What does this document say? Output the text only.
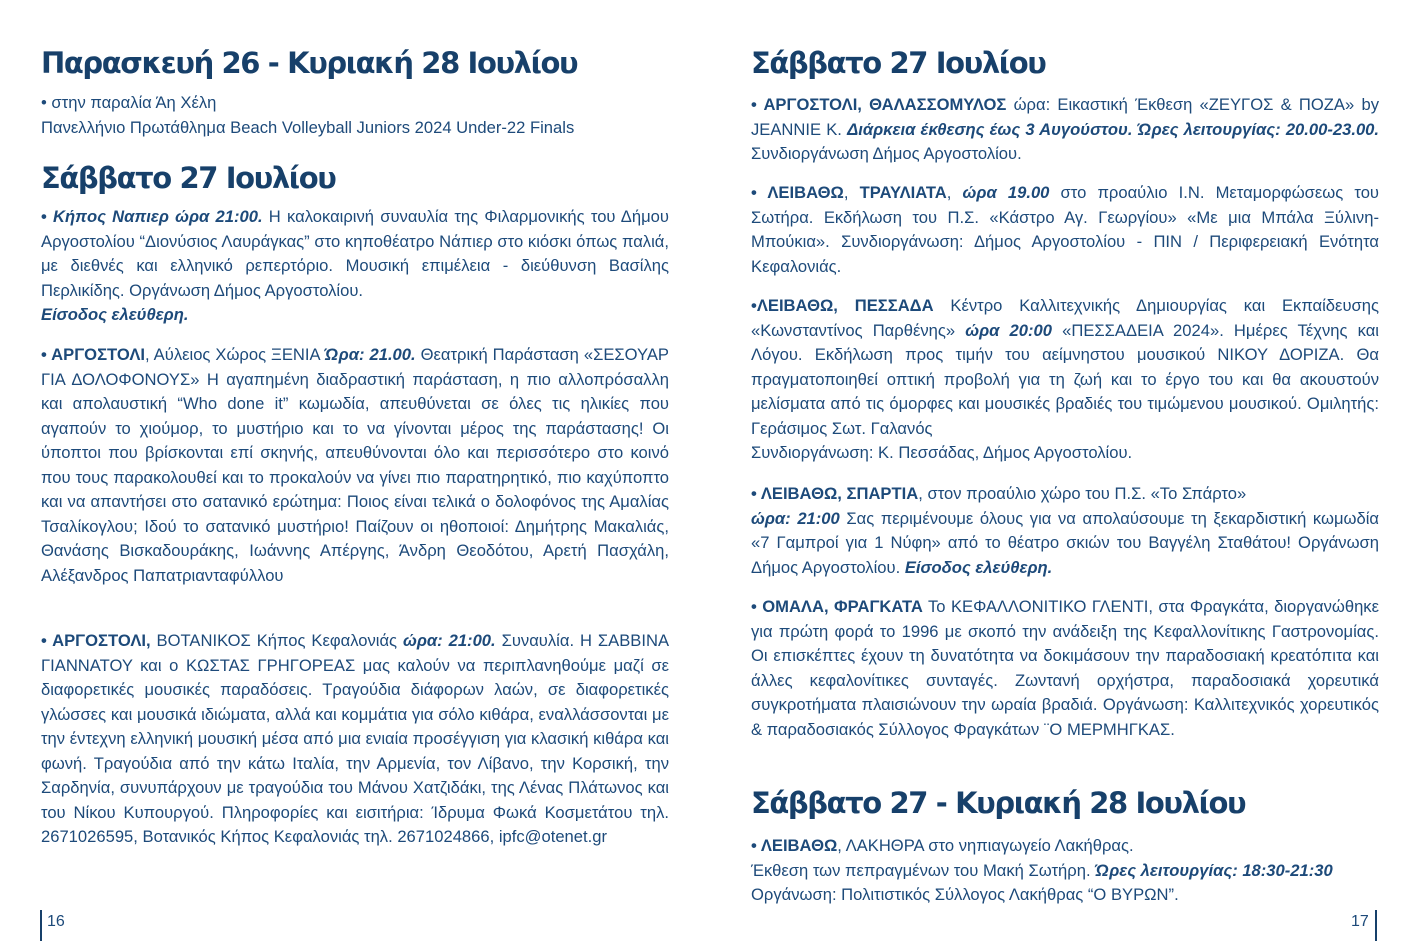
Παρασκευή 26 - Κυριακή 28 Ιουλίου

• στην παραλία Άη Χέλη

Πανελλήνιο Πρωτάθλημα Beach Volleyball Juniors 2024 Under-22 Finals

Σάββατο 27 Ιουλίου

• Κήπος Ναπιερ ώρα 21:00. Η καλοκαιρινή συναυλία της Φιλαρμονικής του Δήμου Αργοστολίου “Διονύσιος Λαυράγκας” στο κηποθέατρο Νάπιερ στο κιόσκι όπως παλιά, με διεθνές και ελληνικό ρεπερτόριο. Μουσική επιμέλεια - διεύθυνση Βασίλης Περλικίδης. Οργάνωση Δήμος Αργοστολίου.

Είσοδος ελεύθερη.

• ΑΡΓΟΣΤΟΛΙ, Αύλειος Χώρος ΞΕΝΙΑ Ώρα: 21.00. Θεατρική Παράσταση «ΣΕΣΟΥΑΡ ΓΙΑ ΔΟΛΟΦΟΝΟΥΣ» Η αγαπημένη διαδραστική παράσταση, η πιο αλλοπρόσαλλη και απολαυστική “Who done it” κωμωδία, απευθύνεται σε όλες τις ηλικίες που αγαπούν το χιούμορ, το μυστήριο και το να γίνονται μέρος της παράστασης! Οι ύποπτοι που βρίσκονται επί σκηνής, απευθύνονται όλο και περισσότερο στο κοινό που τους παρακολουθεί και το προκαλούν να γίνει πιο παρατηρητικό, πιο καχύποπτο και να απαντήσει στο σατανικό ερώτημα: Ποιος είναι τελικά ο δολοφόνος της Αμαλίας Τσαλίκογλου; Ιδού το σατανικό μυστήριο! Παίζουν οι ηθοποιοί: Δημήτρης Μακαλιάς, Θανάσης Βισκαδουράκης, Ιωάννης Απέργης, Άνδρη Θεοδότου, Αρετή Πασχάλη, Αλέξανδρος Παπατριανταφύλλου

• ΑΡΓΟΣΤΟΛΙ, ΒΟΤΑΝΙΚΟΣ Κήπος Κεφαλονιάς ώρα: 21:00. Συναυλία. Η ΣΑΒΒΙΝΑ ΓΙΑΝΝΑΤΟΥ και ο ΚΩΣΤΑΣ ΓΡΗΓΟΡΕΑΣ μας καλούν να περιπλανηθούμε μαζί σε διαφορετικές μουσικές παραδόσεις. Τραγούδια διάφορων λαών, σε διαφορετικές γλώσσες και μουσικά ιδιώματα, αλλά και κομμάτια για σόλο κιθάρα, εναλλάσσονται με την έντεχνη ελληνική μουσική μέσα από μια ενιαία προσέγγιση για κλασική κιθάρα και φωνή. Τραγούδια από την κάτω Ιταλία, την Αρμενία, τον Λίβανο, την Κορσική, την Σαρδηνία, συνυπάρχουν με τραγούδια του Μάνου Χατζιδάκι, της Λένας Πλάτωνος και του Νίκου Κυπουργού. Πληροφορίες και εισιτήρια: Ίδρυμα Φωκά Κοσμετάτου τηλ. 2671026595, Βοτανικός Κήπος Κεφαλονιάς τηλ. 2671024866, ipfc@otenet.gr

16
Σάββατο 27 Ιουλίου

• ΑΡΓΟΣΤΟΛΙ, ΘΑΛΑΣΣΟΜΥΛΟΣ ώρα: Εικαστική Έκθεση «ΖΕΥΓΟΣ & ΠΟΖΑ» by JEANNIE K. Διάρκεια έκθεσης έως 3 Αυγούστου. Ώρες λειτουργίας: 20.00-23.00. Συνδιοργάνωση Δήμος Αργοστολίου.

• ΛΕΙΒΑΘΩ, ΤΡΑΥΛΙΑΤΑ, ώρα 19.00 στο προαύλιο Ι.Ν. Μεταμορφώσεως του Σωτήρα. Εκδήλωση του Π.Σ. «Κάστρο Αγ. Γεωργίου» «Με μια Μπάλα Ξύλινη-Μπούκια». Συνδιοργάνωση: Δήμος Αργοστολίου - ΠΙΝ / Περιφερειακή Ενότητα Κεφαλονιάς.

•ΛΕΙΒΑΘΩ, ΠΕΣΣΑΔΑ Κέντρο Καλλιτεχνικής Δημιουργίας και Εκπαίδευσης «Κωνσταντίνος Παρθένης» ώρα 20:00 «ΠΕΣΣΑΔΕΙΑ 2024». Ημέρες Τέχνης και Λόγου. Εκδήλωση προς τιμήν του αείμνηστου μουσικού ΝΙΚΟΥ ΔΟΡΙΖΑ. Θα πραγματοποιηθεί οπτική προβολή για τη ζωή και το έργο του και θα ακουστούν μελίσματα από τις όμορφες και μουσικές βραδιές του τιμώμενου μουσικού. Ομιλητής: Γεράσιμος Σωτ. Γαλανός

Συνδιοργάνωση: Κ. Πεσσάδας, Δήμος Αργοστολίου.

• ΛΕΙΒΑΘΩ, ΣΠΑΡΤΙΑ, στον προαύλιο χώρο του Π.Σ. «Το Σπάρτο»
ώρα: 21:00 Σας περιμένουμε όλους για να απολαύσουμε τη ξεκαρδιστική κωμωδία «7 Γαμπροί για 1 Νύφη» από το θέατρο σκιών του Βαγγέλη Σταθάτου! Οργάνωση Δήμος Αργοστολίου. Είσοδος ελεύθερη.

• ΟΜΑΛΑ, ΦΡΑΓΚΑΤΑ Το ΚΕΦΑΛΛΟΝΙΤΙΚΟ ΓΛΕΝΤΙ, στα Φραγκάτα, διοργανώθηκε για πρώτη φορά το 1996 με σκοπό την ανάδειξη της Κεφαλλονίτικης Γαστρονομίας. Οι επισκέπτες έχουν τη δυνατότητα να δοκιμάσουν την παραδοσιακή κρεατόπιτα και άλλες κεφαλονίτικες συνταγές. Ζωντανή ορχήστρα, παραδοσιακά χορευτικά συγκροτήματα πλαισιώνουν την ωραία βραδιά. Οργάνωση: Καλλιτεχνικός χορευτικός & παραδοσιακός Σύλλογος Φραγκάτων ¨Ο ΜΕΡΜΗΓΚΑΣ.

Σάββατο 27 - Κυριακή 28 Ιουλίου

• ΛΕΙΒΑΘΩ, ΛΑΚΗΘΡΑ στο νηπιαγωγείο Λακήθρας.

Έκθεση των πεπραγμένων του Μακή Σωτήρη. Ώρες λειτουργίας: 18:30-21:30

Οργάνωση: Πολιτιστικός Σύλλογος Λακήθρας “Ο ΒΥΡΩΝ”.

17
